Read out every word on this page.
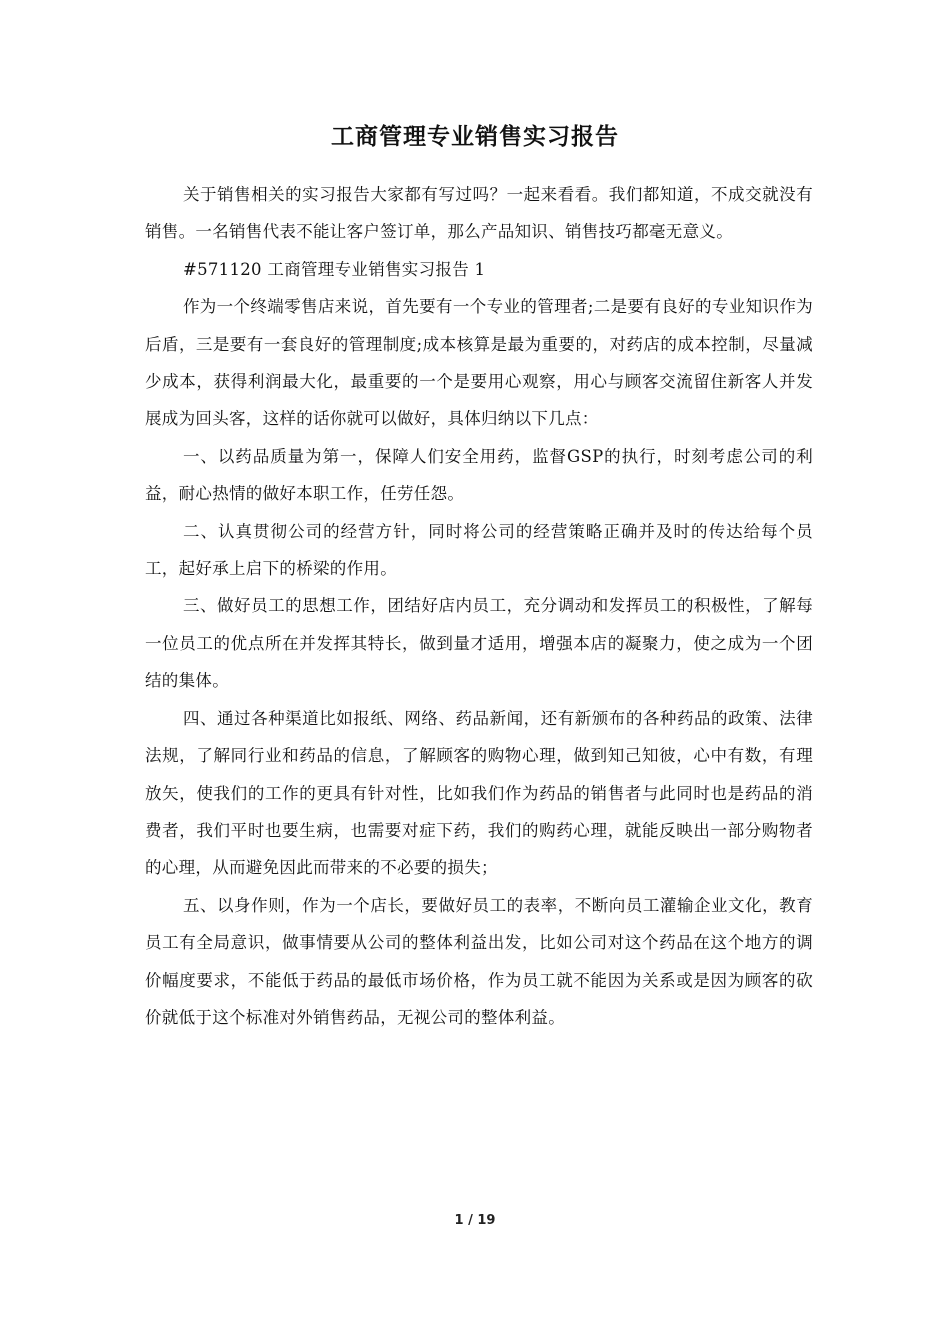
工商管理专业销售实习报告

关于销售相关的实习报告大家都有写过吗？一起来看看。我们都知道，不成交就没有销售。一名销售代表不能让客户签订单，那么产品知识、销售技巧都毫无意义。

#571120 工商管理专业销售实习报告 1

作为一个终端零售店来说，首先要有一个专业的管理者;二是要有良好的专业知识作为后盾，三是要有一套良好的管理制度;成本核算是最为重要的，对药店的成本控制，尽量减少成本，获得利润最大化，最重要的一个是要用心观察，用心与顾客交流留住新客人并发展成为回头客，这样的话你就可以做好，具体归纳以下几点：

一、以药品质量为第一，保障人们安全用药，监督GSP的执行，时刻考虑公司的利益，耐心热情的做好本职工作，任劳任怨。

二、认真贯彻公司的经营方针，同时将公司的经营策略正确并及时的传达给每个员工，起好承上启下的桥梁的作用。

三、做好员工的思想工作，团结好店内员工，充分调动和发挥员工的积极性，了解每一位员工的优点所在并发挥其特长，做到量才适用，增强本店的凝聚力，使之成为一个团结的集体。

四、通过各种渠道比如报纸、网络、药品新闻，还有新颁布的各种药品的政策、法律法规，了解同行业和药品的信息，了解顾客的购物心理，做到知己知彼，心中有数，有理放矢，使我们的工作的更具有针对性，比如我们作为药品的销售者与此同时也是药品的消费者，我们平时也要生病，也需要对症下药，我们的购药心理，就能反映出一部分购物者的心理，从而避免因此而带来的不必要的损失；

五、以身作则，作为一个店长，要做好员工的表率，不断向员工灌输企业文化，教育员工有全局意识，做事情要从公司的整体利益出发，比如公司对这个药品在这个地方的调价幅度要求，不能低于药品的最低市场价格，作为员工就不能因为关系或是因为顾客的砍价就低于这个标准对外销售药品，无视公司的整体利益。

1 / 19
